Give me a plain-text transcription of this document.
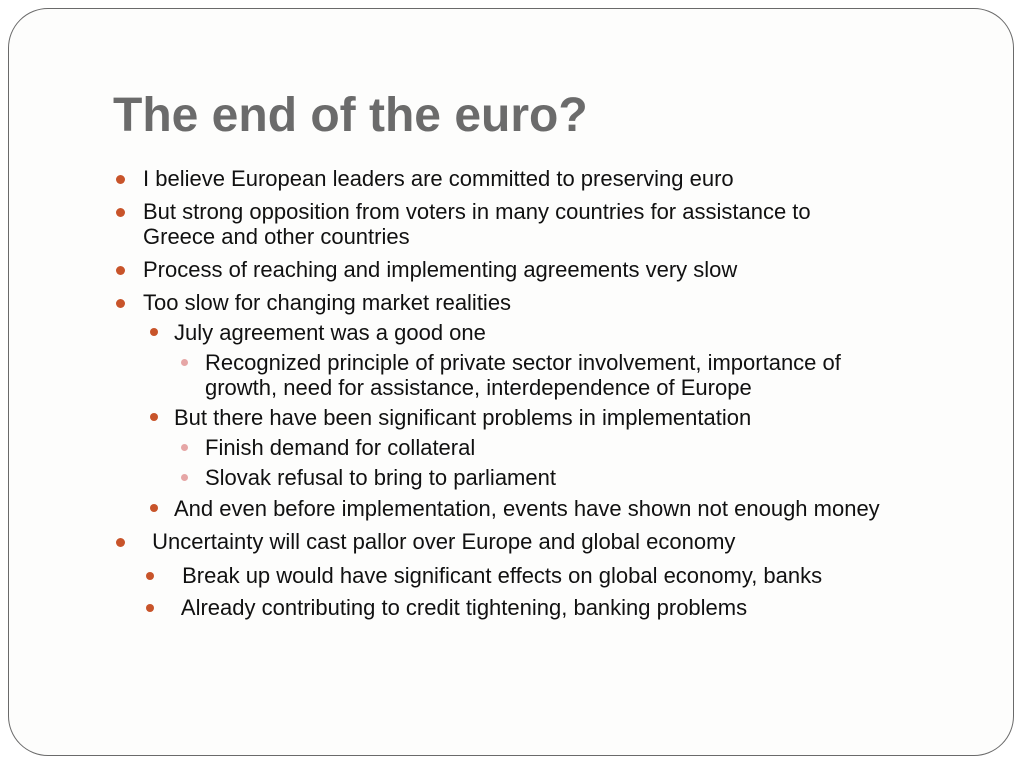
The end of the euro?
I believe European leaders are committed to preserving euro
But strong opposition from voters in many countries for assistance to
Greece and other countries
Process of reaching and implementing agreements very slow
Too slow for changing market realities
July agreement was a good one
Recognized principle of private sector involvement, importance of
growth, need for assistance, interdependence of Europe
But there have been significant problems in implementation
Finish demand for collateral
Slovak refusal to bring to parliament
And even before implementation, events have shown not enough money
Uncertainty will cast pallor over Europe and global economy
Break up would have significant effects on global economy, banks
Already contributing to credit tightening, banking problems
